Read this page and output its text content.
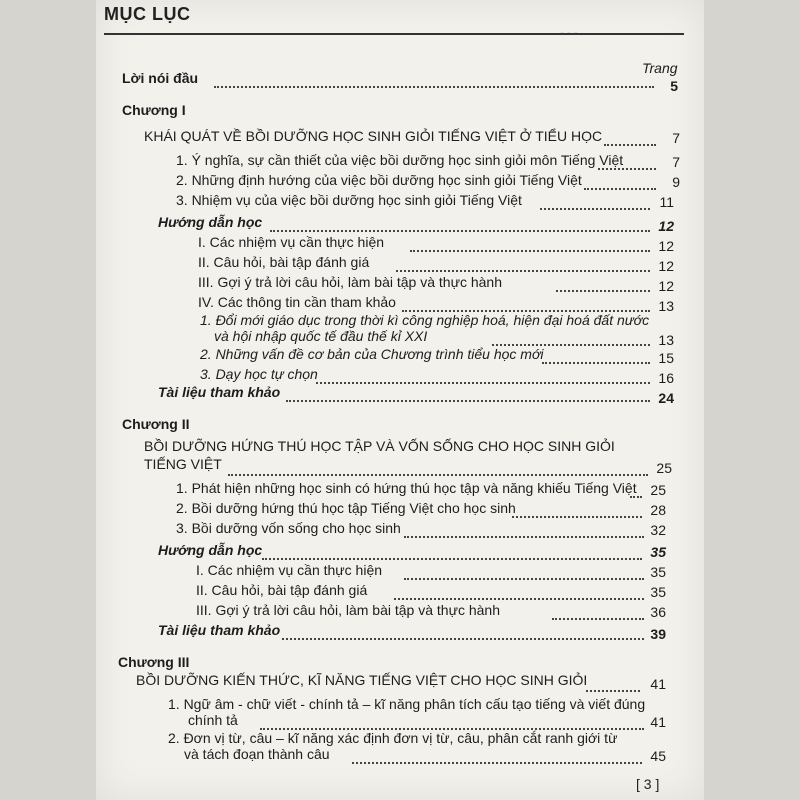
MỤC LỤC
Trang
Lời nói đầu	5
Chương I
KHÁI QUÁT VỀ BỒI DƯỠNG HỌC SINH GIỎI TIẾNG VIỆT Ở TIỂU HỌC	7
1. Ý nghĩa, sự cần thiết của việc bồi dưỡng học sinh giỏi môn Tiếng Việt	7
2. Những định hướng của việc bồi dưỡng học sinh giỏi Tiếng Việt	9
3. Nhiệm vụ của việc bồi dưỡng học sinh giỏi Tiếng Việt	11
Hướng dẫn học	12
I. Các nhiệm vụ cần thực hiện	12
II. Câu hỏi, bài tập đánh giá	12
III. Gợi ý trả lời câu hỏi, làm bài tập và thực hành	12
IV. Các thông tin cần tham khảo	13
1. Đổi mới giáo dục trong thời kì công nghiệp hoá, hiện đại hoá đất nước
và hội nhập quốc tế đầu thế kỉ XXI	13
2. Những vấn đề cơ bản của Chương trình tiểu học mới	15
3. Dạy học tự chọn	16
Tài liệu tham khảo	24
Chương II
BỒI DƯỠNG HỨNG THÚ HỌC TẬP VÀ VỐN SỐNG CHO HỌC SINH GIỎI
TIẾNG VIỆT	25
1. Phát hiện những học sinh có hứng thú học tập và năng khiếu Tiếng Việt 25
2. Bồi dưỡng hứng thú học tập Tiếng Việt cho học sinh	28
3. Bồi dưỡng vốn sống cho học sinh	32
Hướng dẫn học	35
I. Các nhiệm vụ cần thực hiện	35
II. Câu hỏi, bài tập đánh giá	35
III. Gợi ý trả lời câu hỏi, làm bài tập và thực hành	36
Tài liệu tham khảo	39
Chương III
BỒI DƯỠNG KIẾN THỨC, KĨ NĂNG TIẾNG VIỆT CHO HỌC SINH GIỎI	41
1. Ngữ âm - chữ viết - chính tả – kĩ năng phân tích cấu tạo tiếng và viết đúng
chính tả	41
2. Đơn vị từ, câu – kĩ năng xác định đơn vị từ, câu, phân cắt ranh giới từ
và tách đoạn thành câu	45
[ 3 ]
